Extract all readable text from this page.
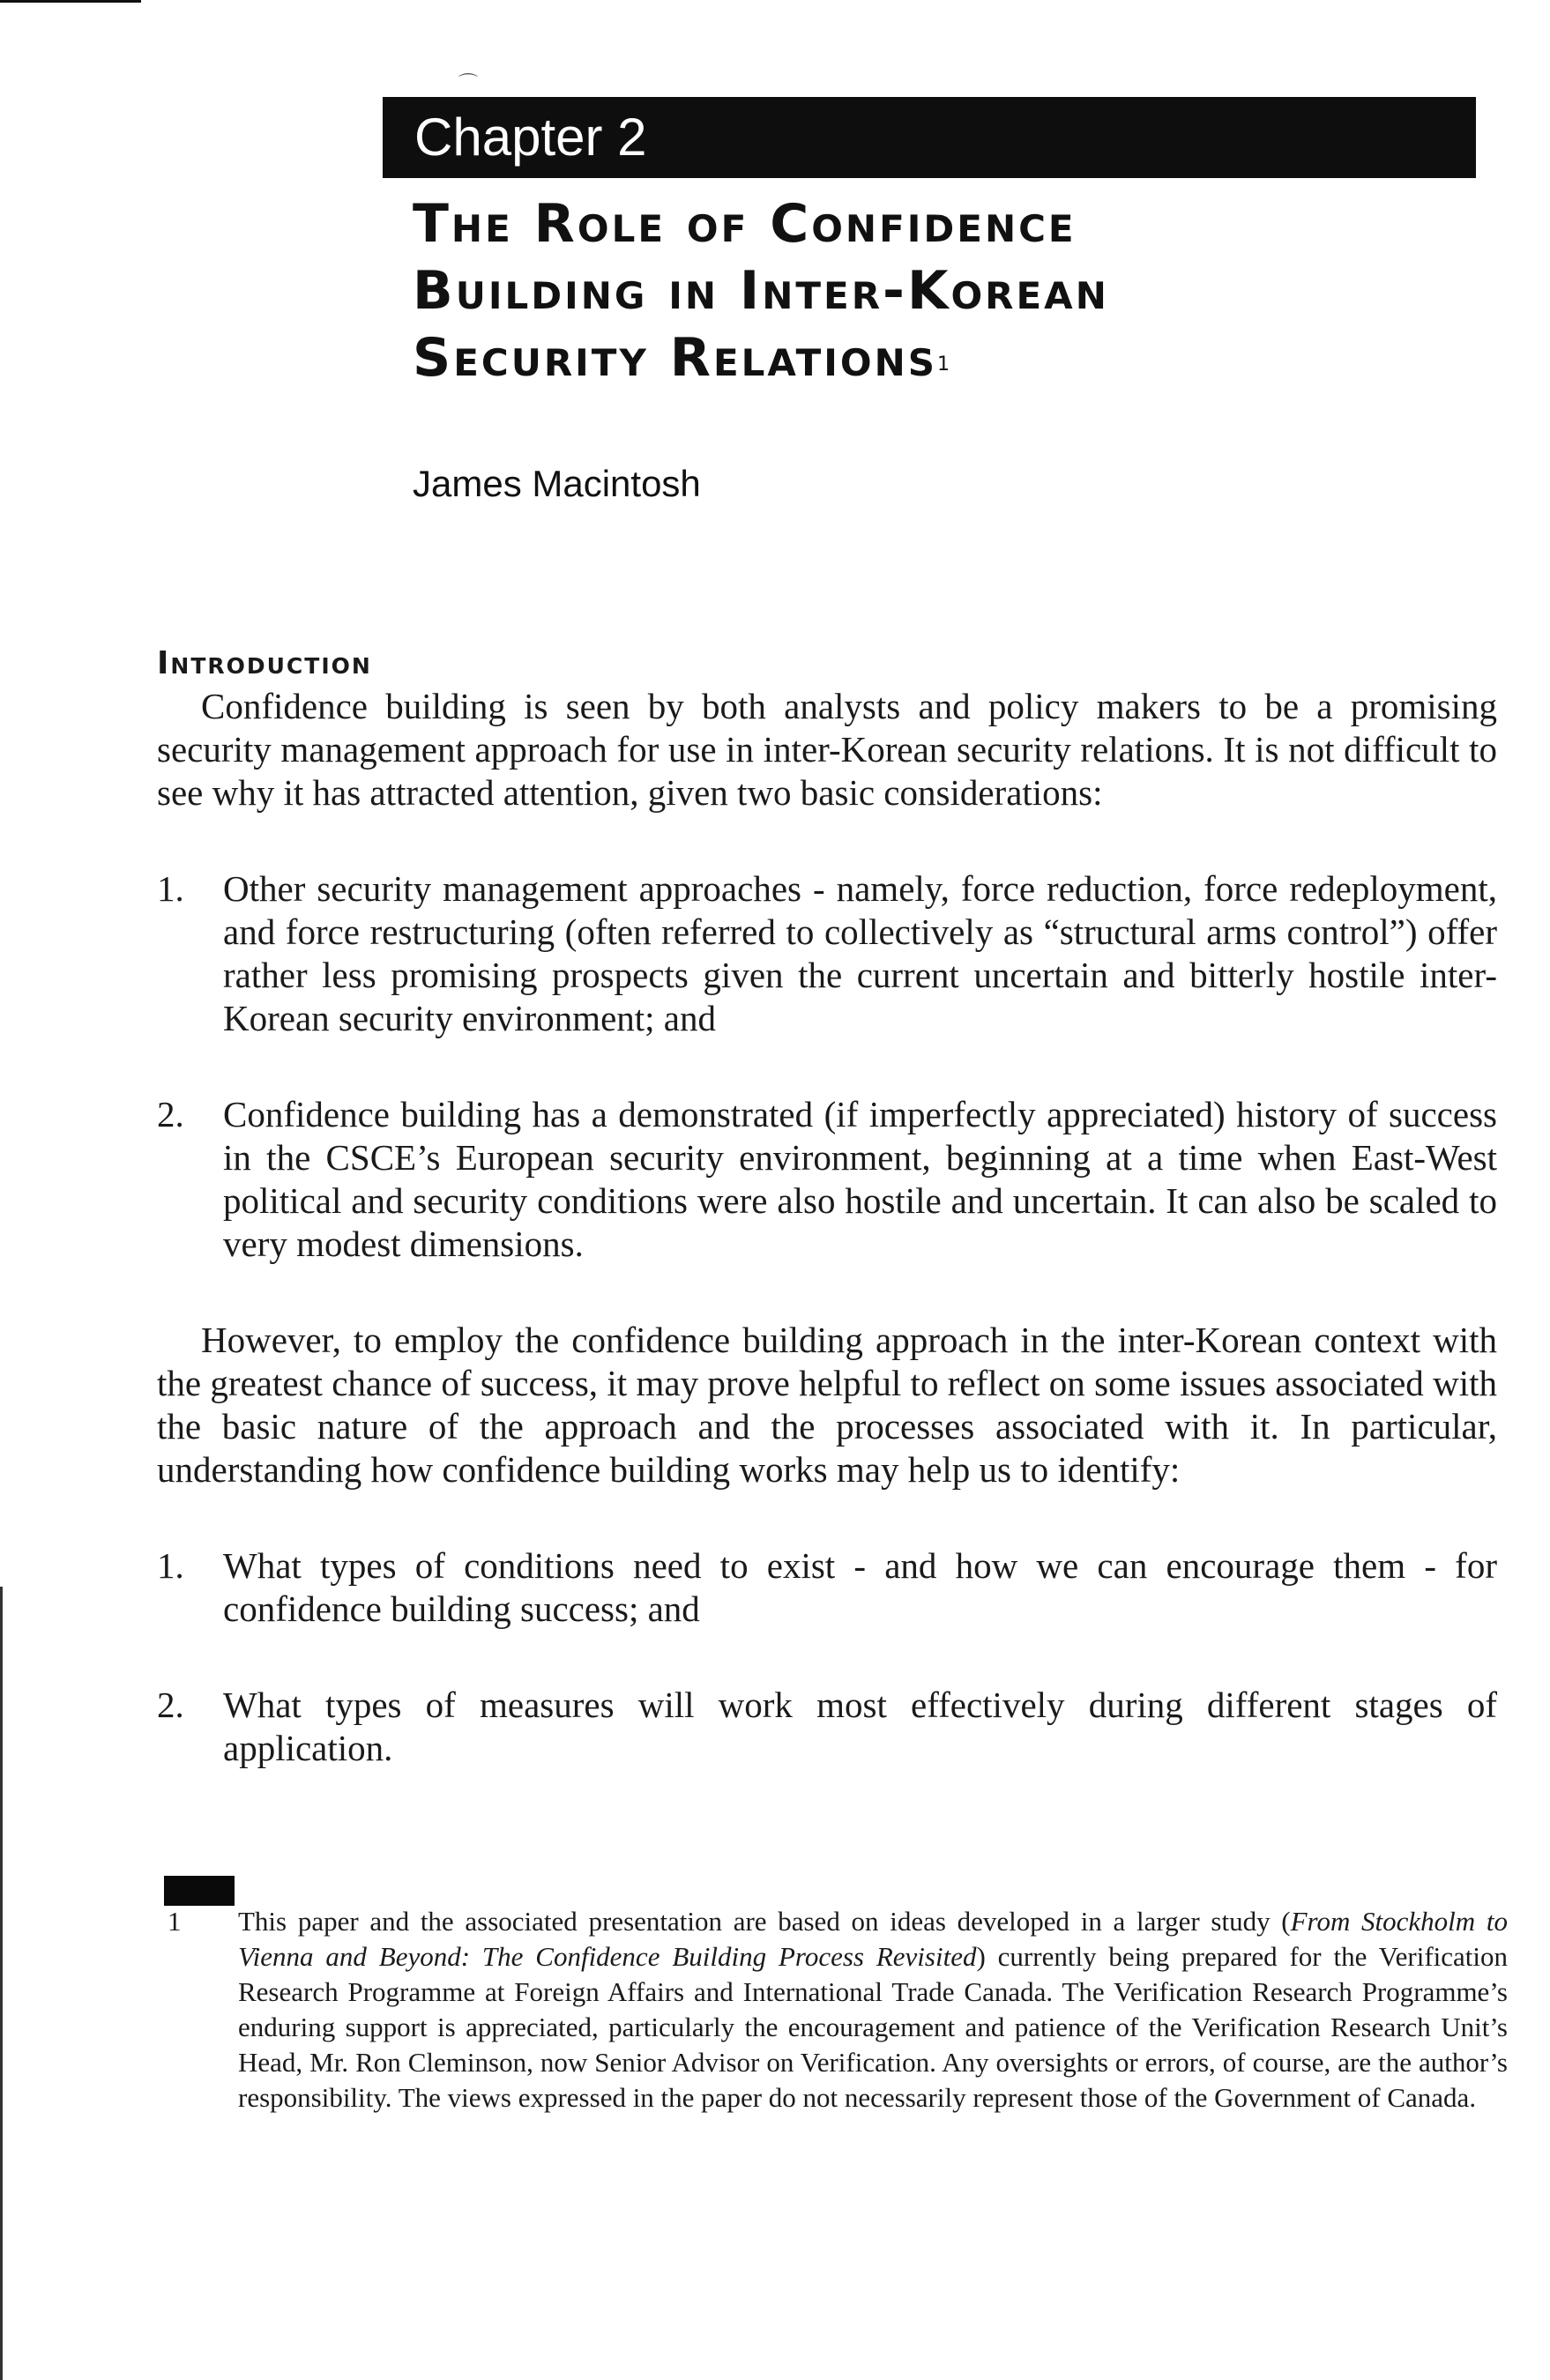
⌒
Chapter 2
The Role of Confidence
Building in Inter-Korean
Security Relations$^1$
James Macintosh
Introduction

Confidence building is seen by both analysts and policy makers to be a promising security management approach for use in inter-Korean security relations. It is not difficult to see why it has attracted attention, given two basic considerations:

1.	Other security management approaches - namely, force reduction, force redeployment, and force restructuring (often referred to collectively as “structural arms control”) offer rather less promising prospects given the current uncertain and bitterly hostile inter-Korean security environment; and
2.	Confidence building has a demonstrated (if imperfectly appreciated) history of success in the CSCE’s European security environment, beginning at a time when East-West political and security conditions were also hostile and uncertain. It can also be scaled to very modest dimensions.

However, to employ the confidence building approach in the inter-Korean context with the greatest chance of success, it may prove helpful to reflect on some issues associated with the basic nature of the approach and the processes associated with it. In particular, understanding how confidence building works may help us to identify:

1.	What types of conditions need to exist - and how we can encourage them - for confidence building success; and
2.	What types of measures will work most effectively during different stages of application.
1	This paper and the associated presentation are based on ideas developed in a larger study (From Stockholm to Vienna and Beyond: The Confidence Building Process Revisited) currently being prepared for the Verification Research Programme at Foreign Affairs and International Trade Canada. The Verification Research Programme’s enduring support is appreciated, particularly the encouragement and patience of the Verification Research Unit’s Head, Mr. Ron Cleminson, now Senior Advisor on Verification. Any oversights or errors, of course, are the author’s responsibility. The views expressed in the paper do not necessarily represent those of the Government of Canada.
